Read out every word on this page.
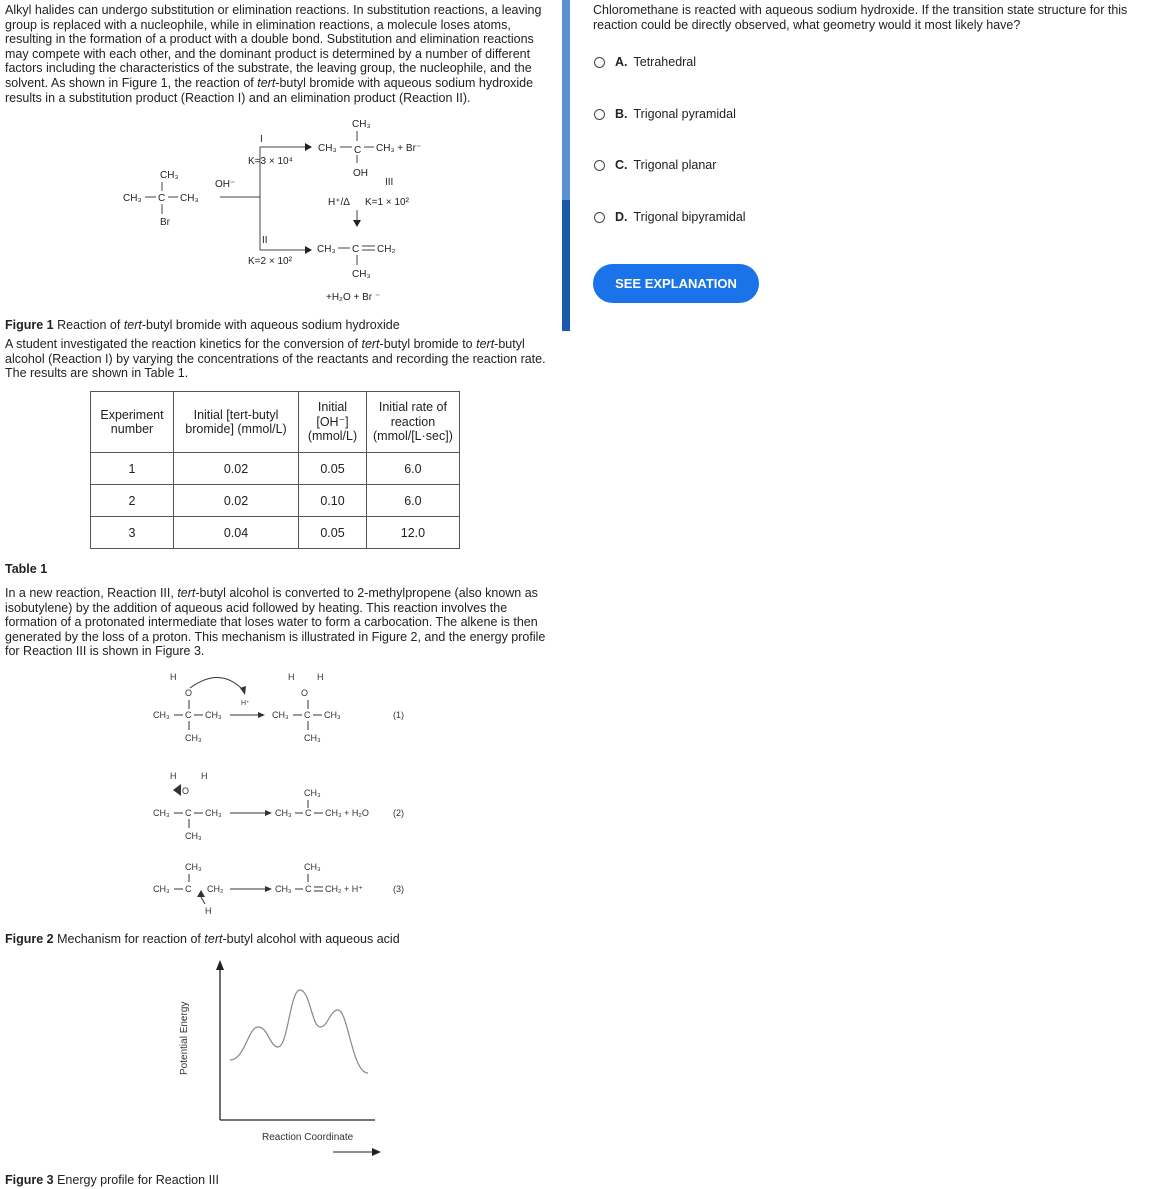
Alkyl halides can undergo substitution or elimination reactions. In substitution reactions, a leaving group is replaced with a nucleophile, while in elimination reactions, a molecule loses atoms, resulting in the formation of a product with a double bond. Substitution and elimination reactions may compete with each other, and the dominant product is determined by a number of different factors including the characteristics of the substrate, the leaving group, the nucleophile, and the solvent. As shown in Figure 1, the reaction of tert-butyl bromide with aqueous sodium hydroxide results in a substitution product (Reaction I) and an elimination product (Reaction II).
CH₃
CH₃ C CH₃
Br
OH⁻
I
K=3 × 10⁴
CH₃
CH₃ C CH₃ + Br⁻
OH
III
H⁺/Δ K=1 × 10²
II
K=2 × 10²
CH₃ C CH₂
CH₃
+H₂O + Br ⁻
Figure 1 Reaction of tert-butyl bromide with aqueous sodium hydroxide
A student investigated the reaction kinetics for the conversion of tert-butyl bromide to tert-butyl alcohol (Reaction I) by varying the concentrations of the reactants and recording the reaction rate. The results are shown in Table 1.
Experiment number	Initial [tert-butyl bromide] (mmol/L)	Initial [OH⁻] (mmol/L)	Initial rate of reaction (mmol/[L·sec])
1	0.02	0.05	6.0
2	0.02	0.10	6.0
3	0.04	0.05	12.0
Table 1
In a new reaction, Reaction III, tert-butyl alcohol is converted to 2-methylpropene (also known as isobutylene) by the addition of aqueous acid followed by heating. This reaction involves the formation of a protonated intermediate that loses water to form a carbocation. The alkene is then generated by the loss of a proton. This mechanism is illustrated in Figure 2, and the energy profile for Reaction III is shown in Figure 3.
H
O
H⁺
CH₃ C CH₃
CH₃
H	H
O
CH₃ C CH₃
CH₃
(1)
H	H
O
CH₃ C CH₃
CH₃
CH₃
CH₃ C CH₃ + H₂O	(2)
CH₃
CH₃ C CH₂
H
CH₃
CH₃ C CH₂ + H⁺	(3)
Figure 2 Mechanism for reaction of tert-butyl alcohol with aqueous acid
Potential Energy
Reaction Coordinate
Figure 3 Energy profile for Reaction III
Chloromethane is reacted with aqueous sodium hydroxide. If the transition state structure for this reaction could be directly observed, what geometry would it most likely have?
A. Tetrahedral
B. Trigonal pyramidal
C. Trigonal planar
D. Trigonal bipyramidal
SEE EXPLANATION
